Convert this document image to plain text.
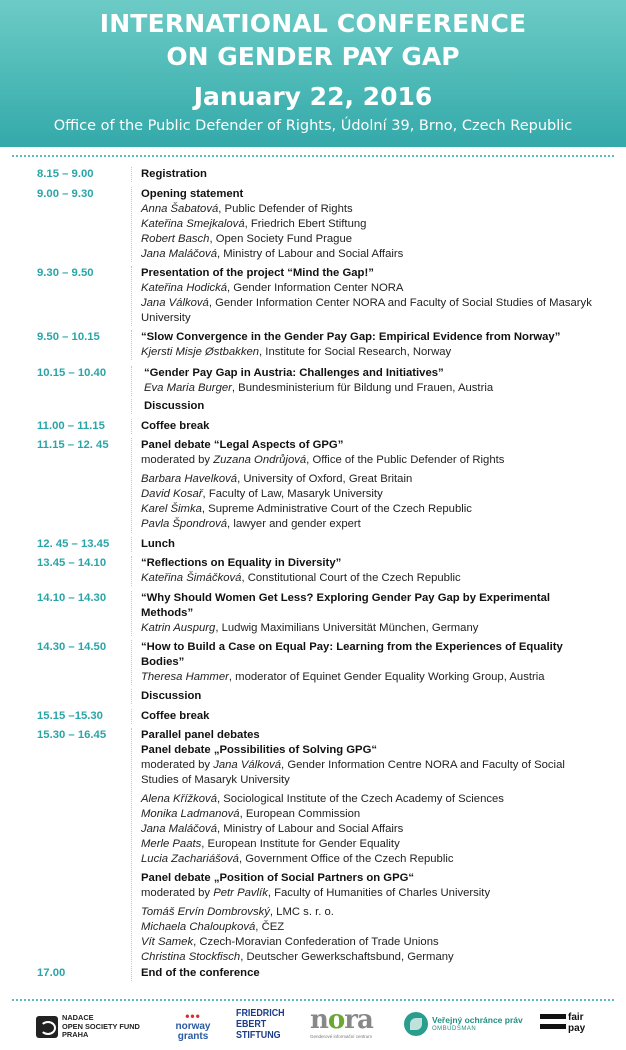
INTERNATIONAL CONFERENCE
ON GENDER PAY GAP
January 22, 2016
Office of the Public Defender of Rights, Údolní 39, Brno, Czech Republic
8.15 – 9.00	Registration
9.00 – 9.30	Opening statement
Anna Šabatová, Public Defender of Rights
Kateřina Smejkalová, Friedrich Ebert Stiftung
Robert Basch, Open Society Fund Prague
Jana Maláčová, Ministry of Labour and Social Affairs
9.30 – 9.50	Presentation of the project “Mind the Gap!”
Kateřina Hodická, Gender Information Center NORA
Jana Válková, Gender Information Center NORA and Faculty of Social Studies of Masaryk University
9.50 – 10.15	“Slow Convergence in the Gender Pay Gap: Empirical Evidence from Norway”
Kjersti Misje Østbakken, Institute for Social Research, Norway
10.15 – 10.40	“Gender Pay Gap in Austria: Challenges and Initiatives”
Eva Maria Burger, Bundesministerium für Bildung und Frauen, Austria
Discussion
11.00 – 11.15	Coffee break
11.15 – 12. 45	Panel debate “Legal Aspects of GPG”
moderated by Zuzana Ondrůjová, Office of the Public Defender of Rights
Barbara Havelková, University of Oxford, Great Britain
David Kosař, Faculty of Law, Masaryk University
Karel Šimka, Supreme Administrative Court of the Czech Republic
Pavla Špondrová, lawyer and gender expert
12. 45 – 13.45	Lunch
13.45 – 14.10	“Reflections on Equality in Diversity”
Kateřina Šimáčková, Constitutional Court of the Czech Republic
14.10 – 14.30	“Why Should Women Get Less? Exploring Gender Pay Gap by Experimental Methods”
Katrin Auspurg, Ludwig Maximilians Universität München, Germany
14.30 – 14.50	“How to Build a Case on Equal Pay: Learning from the Experiences of Equality Bodies”
Theresa Hammer, moderator of Equinet Gender Equality Working Group, Austria
Discussion
15.15 –15.30	Coffee break
15.30 – 16.45	Parallel panel debates
Panel debate „Possibilities of Solving GPG“
moderated by Jana Válková, Gender Information Centre NORA and Faculty of Social Studies of Masaryk University
Alena Křížková, Sociological Institute of the Czech Academy of Sciences
Monika Ladmanová, European Commission
Jana Maláčová, Ministry of Labour and Social Affairs
Merle Paats, European Institute for Gender Equality
Lucia Zachariášová, Government Office of the Czech Republic
Panel debate „Position of Social Partners on GPG“
moderated by Petr Pavlík, Faculty of Humanities of Charles University
Tomáš Ervín Dombrovský, LMC s. r. o.
Michaela Chaloupková, ČEZ
Vít Samek, Czech-Moravian Confederation of Trade Unions
Christina Stockfisch, Deutscher Gewerkschaftsbund, Germany
17.00	End of the conference
NADACE
OPEN SOCIETY FUND
PRAHA
•••
norway
grants
FRIEDRICH
EBERT
STIFTUNG nora
Genderové informační centrum
Veřejný ochránce práv
OMBUDSMAN
fair
pay
